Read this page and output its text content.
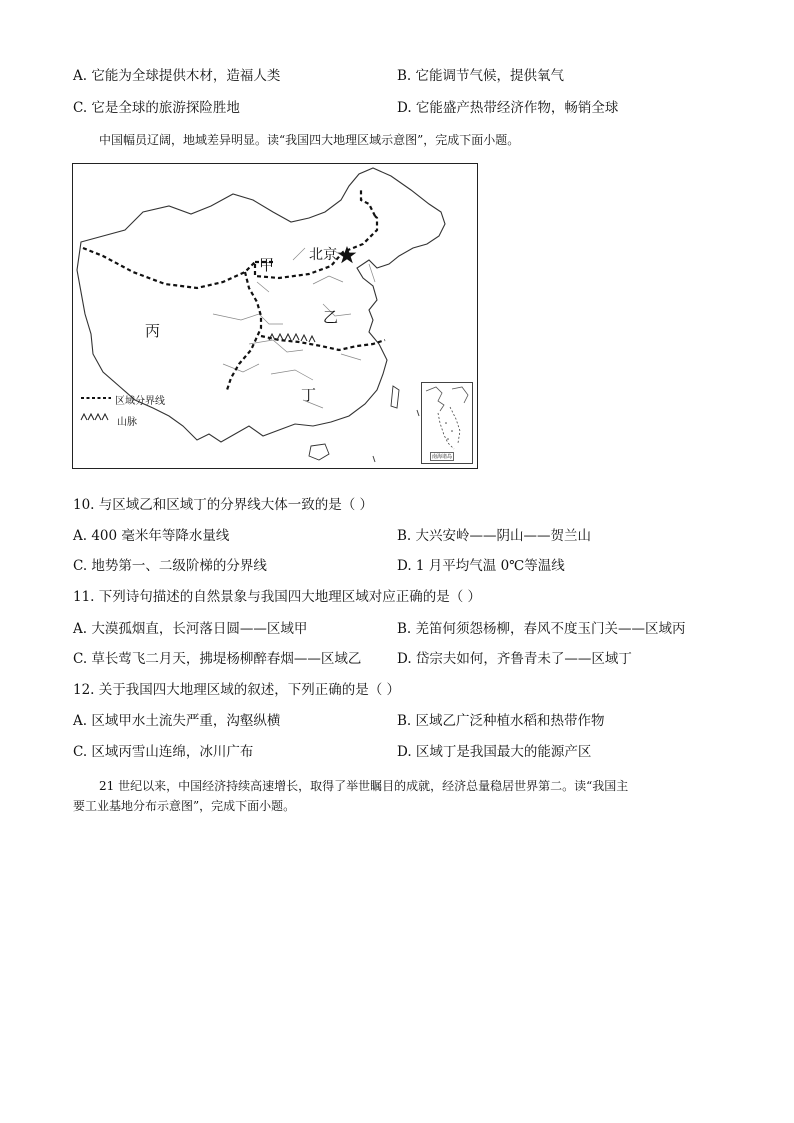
A. 它能为全球提供木材，造福人类	B. 它能调节气候，提供氧气
C. 它是全球的旅游探险胜地	D. 它能盛产热带经济作物，畅销全球
中国幅员辽阔，地域差异明显。读“我国四大地理区域示意图”，完成下面小题。
甲
乙
丙
丁
北京
区域分界线
山脉
南海诸岛
10. 与区域乙和区域丁的分界线大体一致的是（ ）
A. 400 毫米年等降水量线	B. 大兴安岭——阴山——贺兰山
C. 地势第一、二级阶梯的分界线	D. 1 月平均气温 0℃等温线
11. 下列诗句描述的自然景象与我国四大地理区域对应正确的是（ ）
A. 大漠孤烟直，长河落日圆——区域甲	B. 羌笛何须怨杨柳，春风不度玉门关——区域丙
C. 草长莺飞二月天，拂堤杨柳醉春烟——区域乙	D. 岱宗夫如何，齐鲁青未了——区域丁
12. 关于我国四大地理区域的叙述，下列正确的是（ ）
A. 区域甲水土流失严重，沟壑纵横	B. 区域乙广泛种植水稻和热带作物
C. 区域丙雪山连绵，冰川广布	D. 区域丁是我国最大的能源产区
21 世纪以来，中国经济持续高速增长，取得了举世瞩目的成就，经济总量稳居世界第二。读“我国主
要工业基地分布示意图”，完成下面小题。
